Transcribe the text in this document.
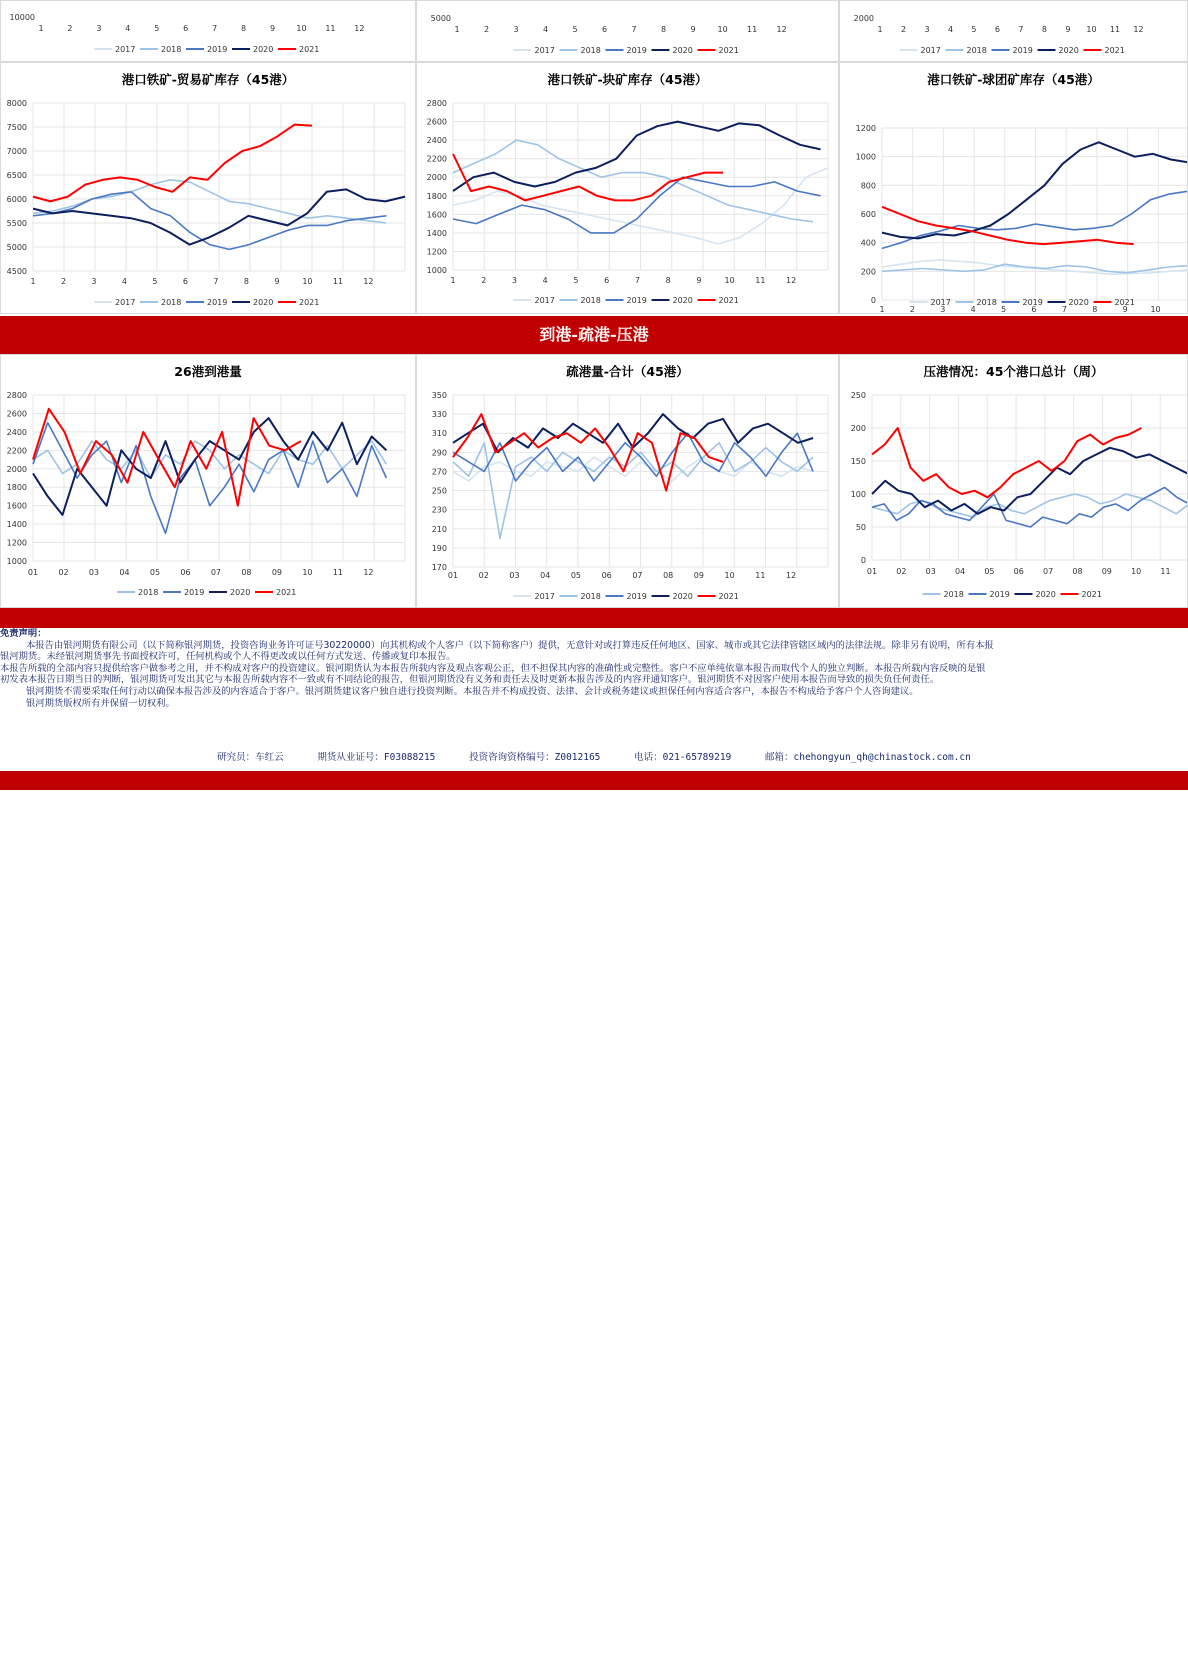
10000
1	2	3	4	5	6	7	8	9	10 11 12
2017	2018	2019	2020	2021
5000
1	2	3	4	5	6	7	8	9	10 11 12
2017	2018	2019	2020	2021
2000
1 2 3 4 5 6 7 8 9 10 11 12
2017	2018	2019	2020	2021
港口铁矿-贸易矿库存（45港）
8000
7500
7000
6500
6000
5500
5000
4500
1	2	3	4	5	6	7	8	9	10	11	12
2017	2018	2019	2020	2021
港口铁矿-块矿库存（45港）
2800
2600
2400
2200
2000
1800
1600
1400
1200
1000
1	2	3	4	5	6	7	8	9	10	11	12
2017	2018	2019	2020	2021
港口铁矿-球团矿库存（45港）
1200
1000
800
600
400
200
0
1	2	3	4	5	6	7	8	9	10
2017	2018	2019	2020	2021
到港-疏港-压港
26港到港量
2800
2600
2400
2200
2000
1800
1600
1400
1200
1000
01	02	03	04	05	06	07	08	09	10	11	12
2018	2019	2020	2021
疏港量-合计（45港）
350
330
310
290
270
250
230
210
190
170
01	02	03	04	05	06	07	08	09	10	11	12
2017	2018	2019	2020	2021
压港情况：45个港口总计（周）
250
200
150
100
50
0
01 02 03 04 05 06 07 08 09 10 11
2018	2019	2020	2021

免责声明：

本报告由银河期货有限公司（以下简称银河期货，投资咨询业务许可证号30220000）向其机构或个人客户（以下简称客户）提供，无意针对或打算违反任何地区、国家、城市或其它法律管辖区域内的法律法规。除非另有说明，所有本报

银河期货。未经银河期货事先书面授权许可，任何机构或个人不得更改或以任何方式发送、传播或复印本报告。

本报告所载的全部内容只提供给客户做参考之用，并不构成对客户的投资建议。银河期货认为本报告所载内容及观点客观公正，但不担保其内容的准确性或完整性。客户不应单纯依靠本报告而取代个人的独立判断。本报告所载内容反映的是银

初发表本报告日期当日的判断，银河期货可发出其它与本报告所载内容不一致或有不同结论的报告，但银河期货没有义务和责任去及时更新本报告涉及的内容并通知客户。银河期货不对因客户使用本报告而导致的损失负任何责任。

银河期货不需要采取任何行动以确保本报告涉及的内容适合于客户。银河期货建议客户独自进行投资判断。本报告并不构成投资、法律、会计或税务建议或担保任何内容适合客户，本报告不构成给予客户个人咨询建议。

银河期货版权所有并保留一切权利。

研究员：车红云	期货从业证号：F03088215	投资咨询资格编号：Z0012165	电话：021-65789219	邮箱：chehongyun_qh@chinastock.com.cn
